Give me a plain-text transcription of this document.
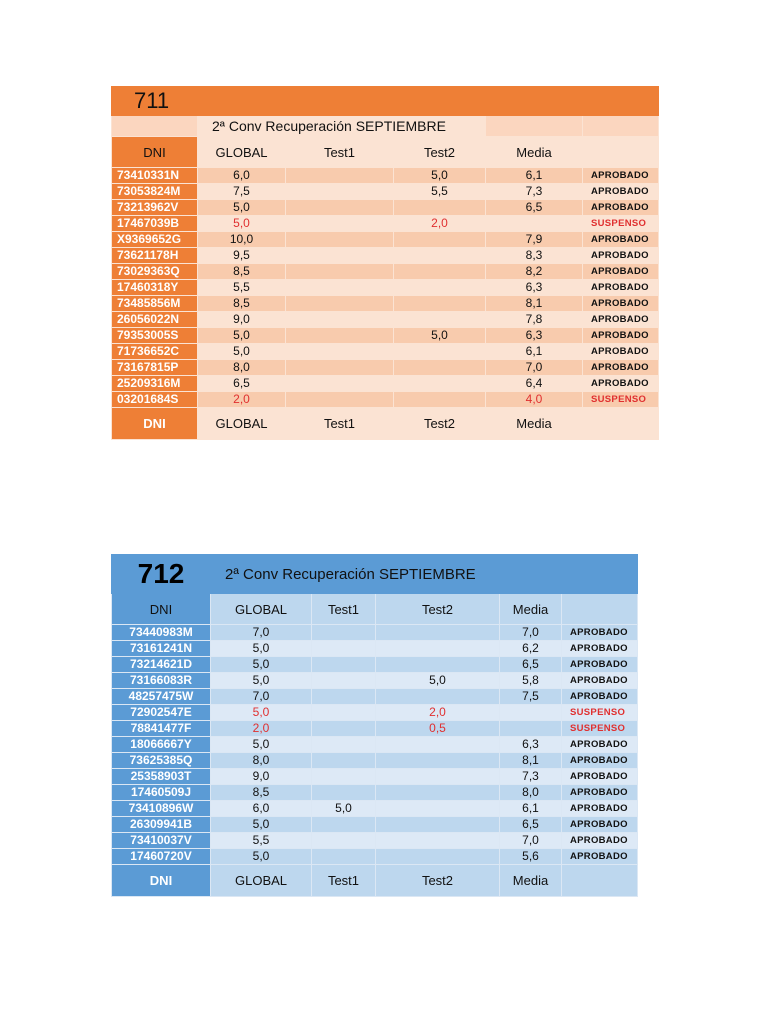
711					
	2ª Conv Recuperación SEPTIEMBRE				
DNI	GLOBAL	Test1	Test2	Media	
73410331N	6,0		5,0	6,1	APROBADO
73053824M	7,5		5,5	7,3	APROBADO
73213962V	5,0			6,5	APROBADO
17467039B	5,0		2,0		SUSPENSO
X9369652G	10,0			7,9	APROBADO
73621178H	9,5			8,3	APROBADO
73029363Q	8,5			8,2	APROBADO
17460318Y	5,5			6,3	APROBADO
73485856M	8,5			8,1	APROBADO
26056022N	9,0			7,8	APROBADO
79353005S	5,0		5,0	6,3	APROBADO
71736652C	5,0			6,1	APROBADO
73167815P	8,0			7,0	APROBADO
25209316M	6,5			6,4	APROBADO
03201684S	2,0			4,0	SUSPENSO
DNI	GLOBAL	Test1	Test2	Media	
712	2ª Conv Recuperación SEPTIEMBRE				
DNI	GLOBAL	Test1	Test2	Media	
73440983M	7,0			7,0	APROBADO
73161241N	5,0			6,2	APROBADO
73214621D	5,0			6,5	APROBADO
73166083R	5,0		5,0	5,8	APROBADO
48257475W	7,0			7,5	APROBADO
72902547E	5,0		2,0		SUSPENSO
78841477F	2,0		0,5		SUSPENSO
18066667Y	5,0			6,3	APROBADO
73625385Q	8,0			8,1	APROBADO
25358903T	9,0			7,3	APROBADO
17460509J	8,5			8,0	APROBADO
73410896W	6,0	5,0		6,1	APROBADO
26309941B	5,0			6,5	APROBADO
73410037V	5,5			7,0	APROBADO
17460720V	5,0			5,6	APROBADO
DNI	GLOBAL	Test1	Test2	Media	
